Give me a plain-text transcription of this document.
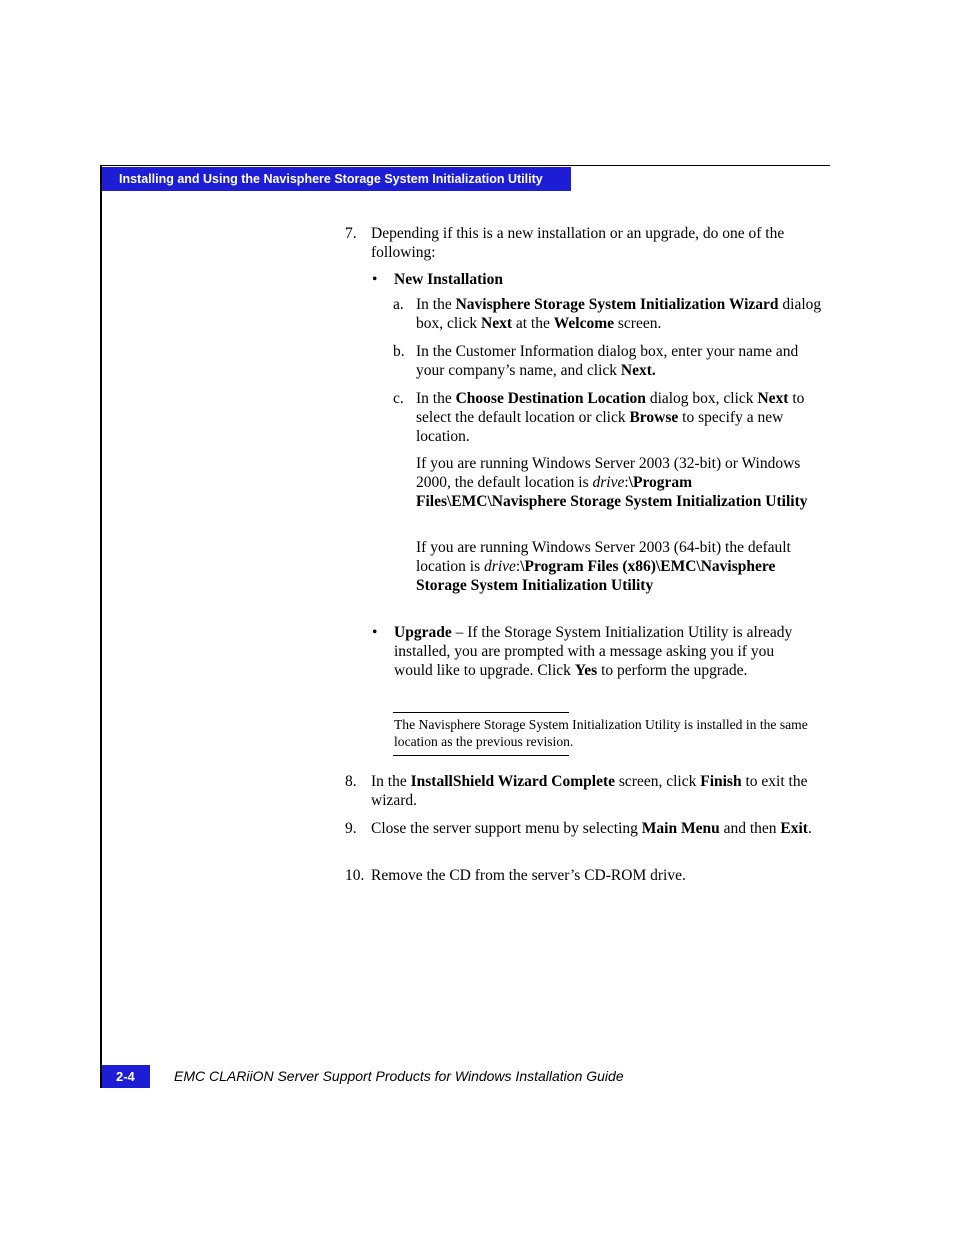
Installing and Using the Navisphere Storage System Initialization Utility
7. Depending if this is a new installation or an upgrade, do one of the following:

•	New Installation

a. In the Navisphere Storage System Initialization Wizard dialog box, click Next at the Welcome screen.

b. In the Customer Information dialog box, enter your name and your company’s name, and click Next.

c. In the Choose Destination Location dialog box, click Next to select the default location or click Browse to specify a new location.

If you are running Windows Server 2003 (32-bit) or Windows 2000, the default location is drive:\Program Files\EMC\Navisphere Storage System Initialization Utility

If you are running Windows Server 2003 (64-bit) the default location is drive:\Program Files (x86)\EMC\Navisphere Storage System Initialization Utility

•	Upgrade – If the Storage System Initialization Utility is already installed, you are prompted with a message asking you if you would like to upgrade. Click Yes to perform the upgrade.

The Navisphere Storage System Initialization Utility is installed in the same location as the previous revision.
8. In the InstallShield Wizard Complete screen, click Finish to exit the wizard.

9. Close the server support menu by selecting Main Menu and then Exit.

10. Remove the CD from the server’s CD-ROM drive.

2-4	EMC CLARiiON Server Support Products for Windows Installation Guide
